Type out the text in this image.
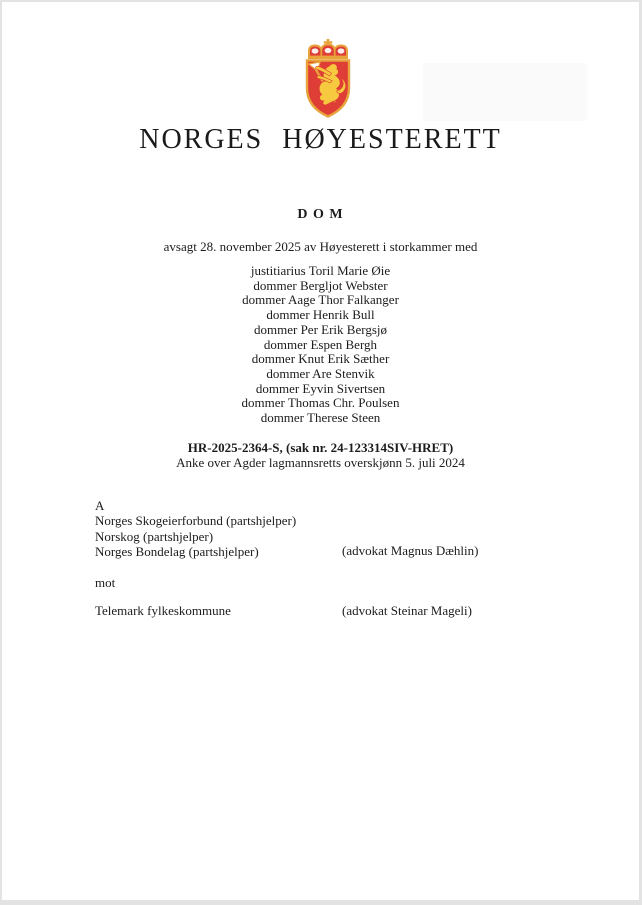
NORGES HØYESTERETT
D O M
avsagt 28. november 2025 av Høyesterett i storkammer med
justitiarius Toril Marie Øie
dommer Bergljot Webster
dommer Aage Thor Falkanger
dommer Henrik Bull
dommer Per Erik Bergsjø
dommer Espen Bergh
dommer Knut Erik Sæther
dommer Are Stenvik
dommer Eyvin Sivertsen
dommer Thomas Chr. Poulsen
dommer Therese Steen
HR-2025-2364-S, (sak nr. 24-123314SIV-HRET)
Anke over Agder lagmannsretts overskjønn 5. juli 2024
A
Norges Skogeierforbund (partshjelper)
Norskog (partshjelper)
Norges Bondelag (partshjelper)	(advokat Magnus Dæhlin)
mot
Telemark fylkeskommune	(advokat Steinar Mageli)
